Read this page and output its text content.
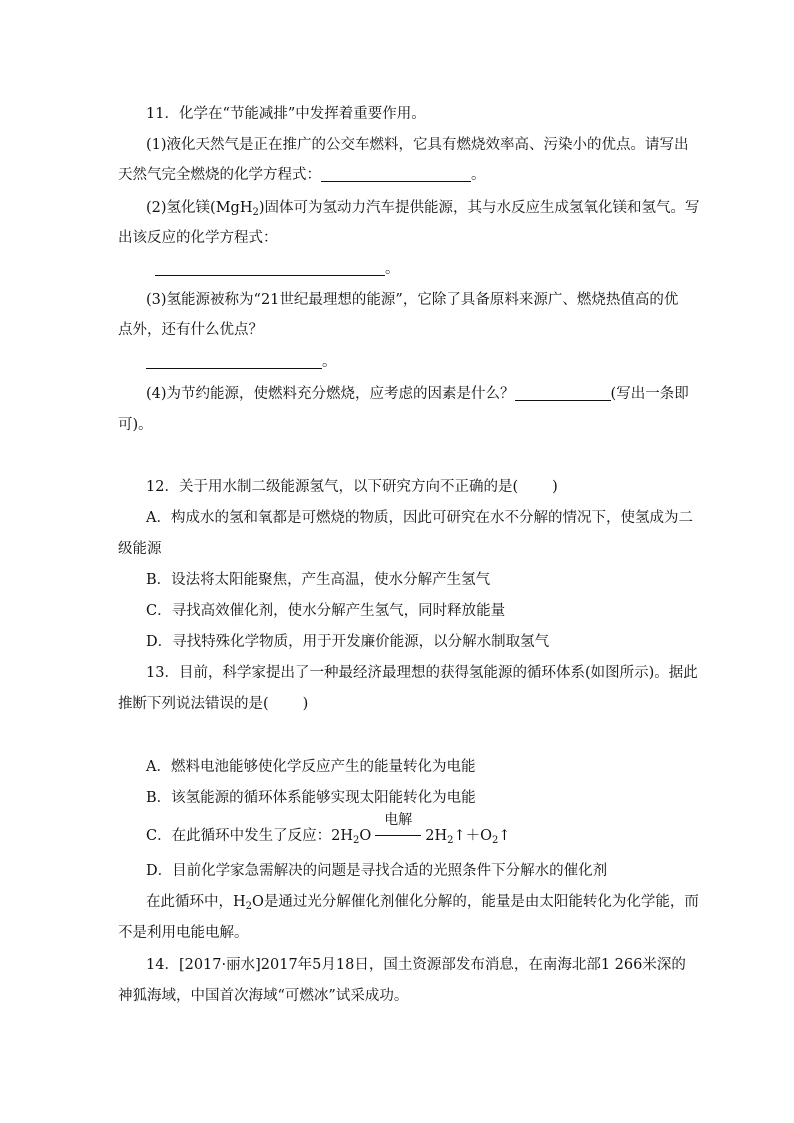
11．化学在“节能减排”中发挥着重要作用。
(1)液化天然气是正在推广的公交车燃料，它具有燃烧效率高、污染小的优点。请写出
天然气完全燃烧的化学方程式：	。
(2)氢化镁(MgH$_2$)固体可为氢动力汽车提供能源，其与水反应生成氢氧化镁和氢气。写
出该反应的化学方程式：
。
(3)氢能源被称为“21世纪最理想的能源”，它除了具备原料来源广、燃烧热值高的优
点外，还有什么优点？
。
(4)为节约能源，使燃料充分燃烧，应考虑的因素是什么？	(写出一条即
可)。
12．关于用水制二级能源氢气，以下研究方向不正确的是( )
A．构成水的氢和氧都是可燃烧的物质，因此可研究在水不分解的情况下，使氢成为二
级能源
B．设法将太阳能聚焦，产生高温，使水分解产生氢气
C．寻找高效催化剂，使水分解产生氢气，同时释放能量
D．寻找特殊化学物质，用于开发廉价能源，以分解水制取氢气
13．目前，科学家提出了一种最经济最理想的获得氢能源的循环体系(如图所示)。据此
推断下列说法错误的是( )
A．燃料电池能够使化学反应产生的能量转化为电能
B．该氢能源的循环体系能够实现太阳能转化为电能
C．在此循环中发生了反应：$2H_2O$
电解
$2H_2↑+O_2↑$
D．目前化学家急需解决的问题是寻找合适的光照条件下分解水的催化剂
在此循环中，$H_2O$是通过光分解催化剂催化分解的，能量是由太阳能转化为化学能，而
不是利用电能电解。
14．[2017·丽水]2017年5月18日，国土资源部发布消息，在南海北部1 266米深的
神狐海域，中国首次海域“可燃冰”试采成功。
